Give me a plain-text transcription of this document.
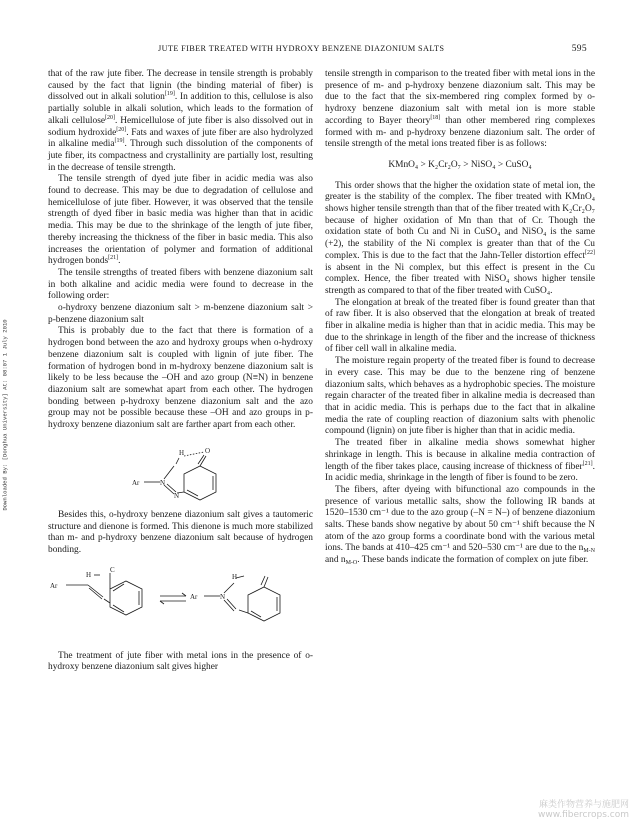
JUTE FIBER TREATED WITH HYDROXY BENZENE DIAZONIUM SALTS	595
Downloaded By: [Donghua University] At: 08:07 1 July 2010

that of the raw jute fiber. The decrease in tensile strength is probably caused by the fact that lignin (the binding material of fiber) is dissolved out in alkali solution[19]. In addition to this, cellulose is also partially soluble in alkali solution, which leads to the formation of alkali cellulose[20]. Hemicellulose of jute fiber is also dissolved out in sodium hydroxide[20]. Fats and waxes of jute fiber are also hydrolyzed in alkaline media[19]. Through such dissolution of the components of jute fiber, its compactness and crystallinity are partially lost, resulting in the decrease of tensile strength.

The tensile strength of dyed jute fiber in acidic media was also found to decrease. This may be due to degradation of cellulose and hemicellulose of jute fiber. However, it was observed that the tensile strength of dyed fiber in basic media was higher than that in acidic media. This may be due to the shrinkage of the length of jute fiber, thereby increasing the thickness of the fiber in basic media. This also increases the orientation of polymer and formation of additional hydrogen bonds[21].

The tensile strengths of treated fibers with benzene diazonium salt in both alkaline and acidic media were found to decrease in the following order:

o-hydroxy benzene diazonium salt > m-benzene diazonium salt > p-benzene diazonium salt

This is probably due to the fact that there is formation of a hydrogen bond between the azo and hydroxy groups when o-hydroxy benzene diazonium salt is coupled with lignin of jute fiber. The formation of hydrogen bond in m-hydroxy benzene diazonium salt is likely to be less because the –OH and azo group (N≡N) in benzene diazonium salt are somewhat apart from each other. The hydrogen bonding between p-hydroxy benzene diazonium salt and the azo group may not be possible because these –OH and azo groups in p-hydroxy benzene diazonium salt are farther apart from each other.

Ar	N
N
H	O

Besides this, o-hydroxy benzene diazonium salt gives a tautomeric structure and dienone is formed. This dienone is much more stabilized than m- and p-hydroxy benzene diazonium salt because of hydrogen bonding.

Ar
H
C
Ar	N
H

The treatment of jute fiber with metal ions in the presence of o-hydroxy benzene diazonium salt gives higher

tensile strength in comparison to the treated fiber with metal ions in the presence of m- and p-hydroxy benzene diazonium salt. This may be due to the fact that the six-membered ring complex formed by o-hydroxy benzene diazonium salt with metal ion is more stable according to Bayer theory[18] than other membered ring complexes formed with m- and p-hydroxy benzene diazonium salt. The order of tensile strength of the metal ions treated fiber is as follows:

KMnO₄ > K₂Cr₂O₇ > NiSO₄ > CuSO₄

This order shows that the higher the oxidation state of metal ion, the greater is the stability of the complex. The fiber treated with KMnO₄ shows higher tensile strength than that of the fiber treated with K₂Cr₂O₇ because of higher oxidation of Mn than that of Cr. Though the oxidation state of both Cu and Ni in CuSO₄ and NiSO₄ is the same (+2), the stability of the Ni complex is greater than that of the Cu complex. This is due to the fact that the Jahn-Teller distortion effect[22] is absent in the Ni complex, but this effect is present in the Cu complex. Hence, the fiber treated with NiSO₄ shows higher tensile strength as compared to that of the fiber treated with CuSO₄.

The elongation at break of the treated fiber is found greater than that of raw fiber. It is also observed that the elongation at break of treated fiber in alkaline media is higher than that in acidic media. This may be due to the shrinkage in length of the fiber and the increase of thickness of fiber cell wall in alkaline media.

The moisture regain property of the treated fiber is found to decrease in every case. This may be due to the benzene ring of benzene diazonium salts, which behaves as a hydrophobic species. The moisture regain character of the treated fiber in alkaline media is decreased than that in acidic media. This is perhaps due to the fact that in alkaline media the rate of coupling reaction of diazonium salts with phenolic compound (lignin) on jute fiber is higher than that in acidic media.

The treated fiber in alkaline media shows somewhat higher shrinkage in length. This is because in alkaline media contraction of length of the fiber takes place, causing increase of thickness of fiber[21]. In acidic media, shrinkage in the length of fiber is found to be zero.

The fibers, after dyeing with bifunctional azo compounds in the presence of various metallic salts, show the following IR bands at 1520–1530 cm⁻¹ due to the azo group (–N = N–) of benzene diazonium salts. These bands show negative by about 50 cm⁻¹ shift because the N atom of the azo group forms a coordinate bond with the various metal ions. The bands at 410–425 cm⁻¹ and 520–530 cm⁻¹ are due to the $n_{M-N}$ and $n_{M-O}$. These bands indicate the formation of complex on jute fiber.

麻类作物营养与施肥网
www.fibercrops.com
